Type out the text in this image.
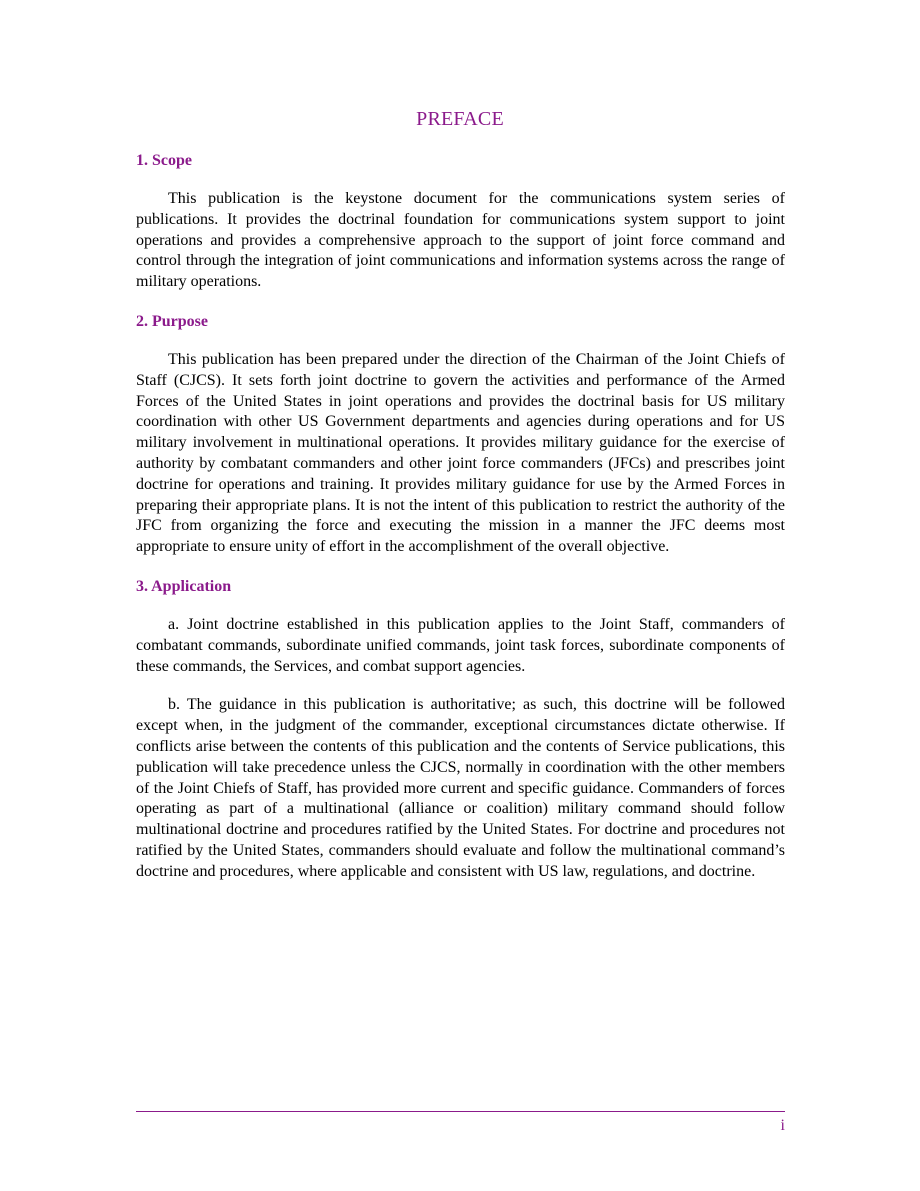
PREFACE
1. Scope

This publication is the keystone document for the communications system series of publications. It provides the doctrinal foundation for communications system support to joint operations and provides a comprehensive approach to the support of joint force command and control through the integration of joint communications and information systems across the range of military operations.

2. Purpose

This publication has been prepared under the direction of the Chairman of the Joint Chiefs of Staff (CJCS). It sets forth joint doctrine to govern the activities and performance of the Armed Forces of the United States in joint operations and provides the doctrinal basis for US military coordination with other US Government departments and agencies during operations and for US military involvement in multinational operations. It provides military guidance for the exercise of authority by combatant commanders and other joint force commanders (JFCs) and prescribes joint doctrine for operations and training. It provides military guidance for use by the Armed Forces in preparing their appropriate plans. It is not the intent of this publication to restrict the authority of the JFC from organizing the force and executing the mission in a manner the JFC deems most appropriate to ensure unity of effort in the accomplishment of the overall objective.

3. Application

a. Joint doctrine established in this publication applies to the Joint Staff, commanders of combatant commands, subordinate unified commands, joint task forces, subordinate components of these commands, the Services, and combat support agencies.

b. The guidance in this publication is authoritative; as such, this doctrine will be followed except when, in the judgment of the commander, exceptional circumstances dictate otherwise. If conflicts arise between the contents of this publication and the contents of Service publications, this publication will take precedence unless the CJCS, normally in coordination with the other members of the Joint Chiefs of Staff, has provided more current and specific guidance. Commanders of forces operating as part of a multinational (alliance or coalition) military command should follow multinational doctrine and procedures ratified by the United States. For doctrine and procedures not ratified by the United States, commanders should evaluate and follow the multinational command’s doctrine and procedures, where applicable and consistent with US law, regulations, and doctrine.

i
